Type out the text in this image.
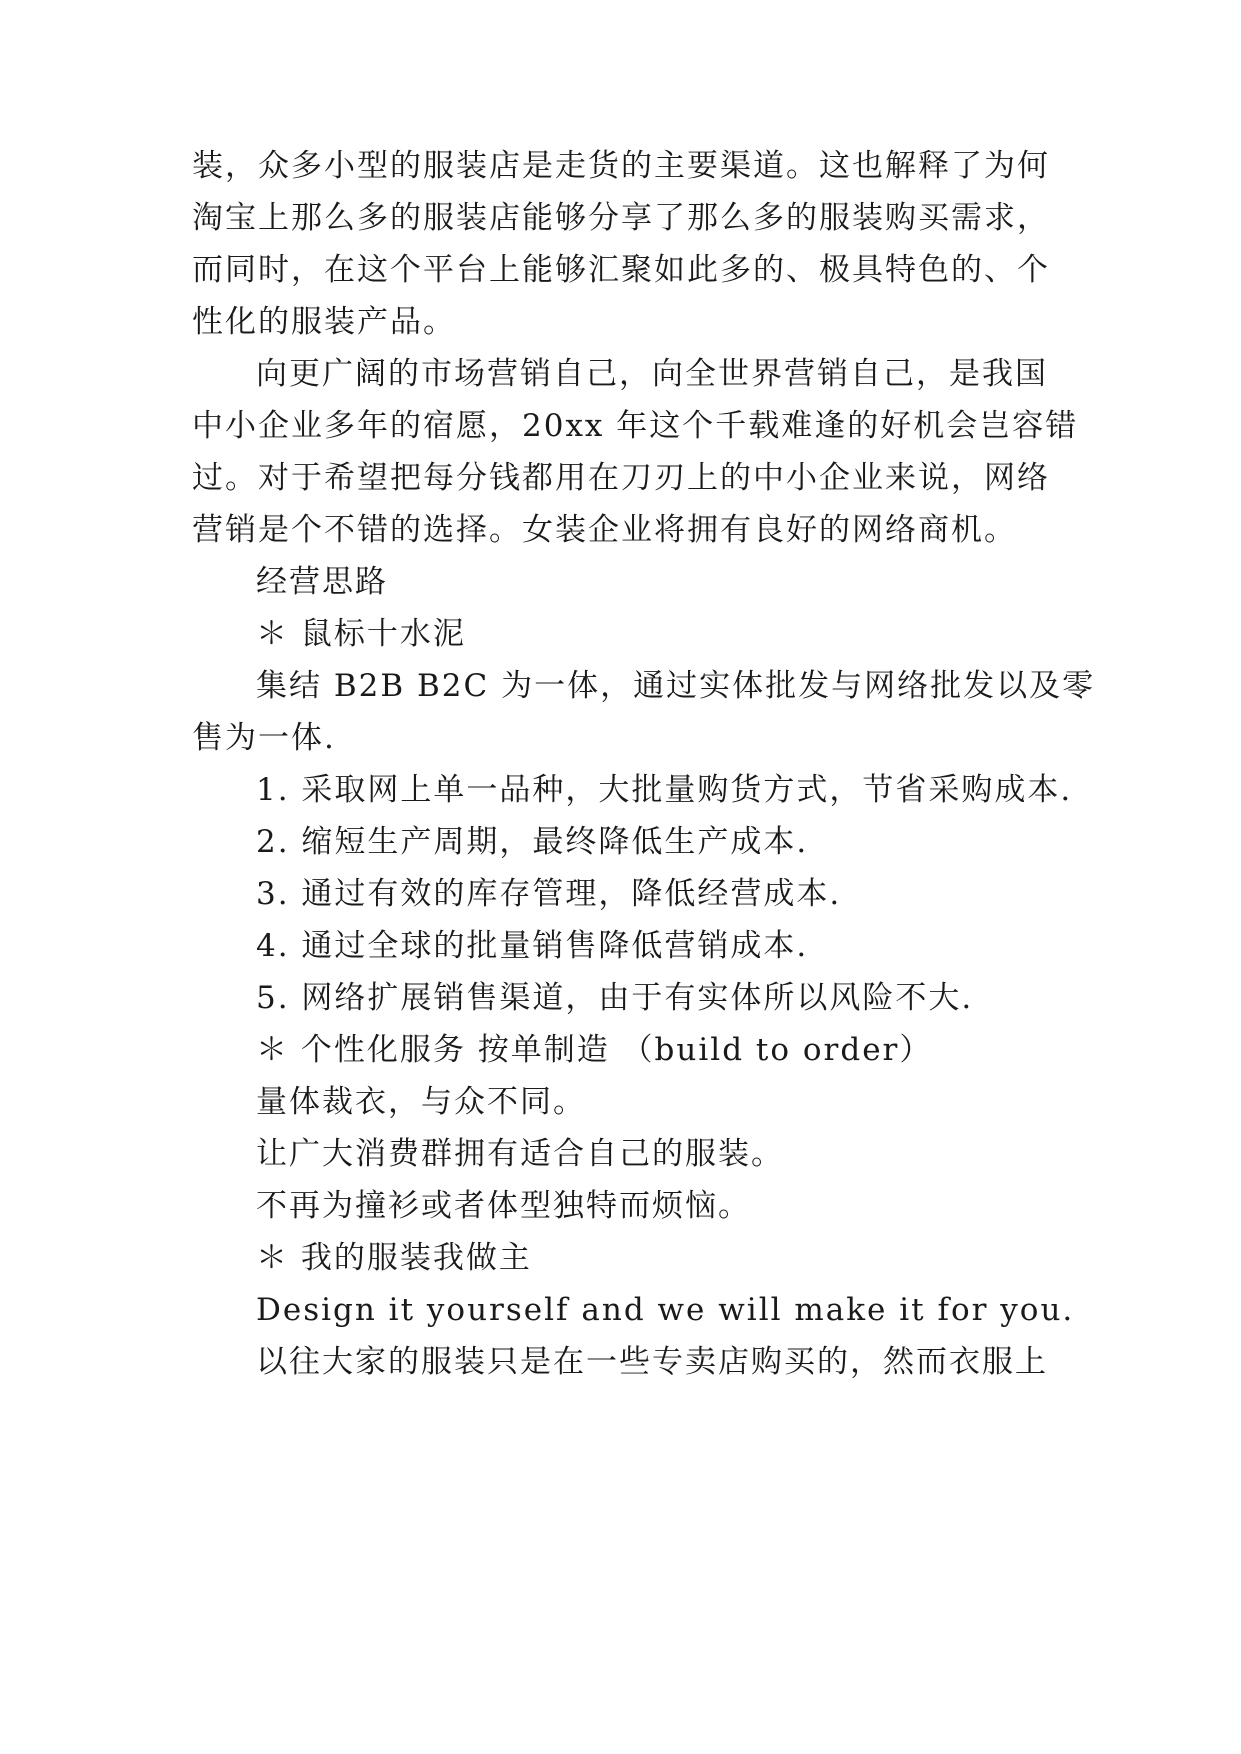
装，众多小型的服装店是走货的主要渠道。这也解释了为何
淘宝上那么多的服装店能够分享了那么多的服装购买需求，
而同时，在这个平台上能够汇聚如此多的、极具特色的、个
性化的服装产品。
向更广阔的市场营销自己，向全世界营销自己，是我国
中小企业多年的宿愿，20xx 年这个千载难逢的好机会岂容错
过。对于希望把每分钱都用在刀刃上的中小企业来说，网络
营销是个不错的选择。女装企业将拥有良好的网络商机。
经营思路
＊ 鼠标十水泥
集结 B2B B2C 为一体，通过实体批发与网络批发以及零
售为一体.
1. 采取网上单一品种，大批量购货方式，节省采购成本.
2. 缩短生产周期，最终降低生产成本.
3. 通过有效的库存管理，降低经营成本.
4. 通过全球的批量销售降低营销成本.
5. 网络扩展销售渠道，由于有实体所以风险不大.
＊ 个性化服务 按单制造 （build to order）
量体裁衣，与众不同。
让广大消费群拥有适合自己的服装。
不再为撞衫或者体型独特而烦恼。
＊ 我的服装我做主
Design it yourself and we will make it for you.
以往大家的服装只是在一些专卖店购买的，然而衣服上
